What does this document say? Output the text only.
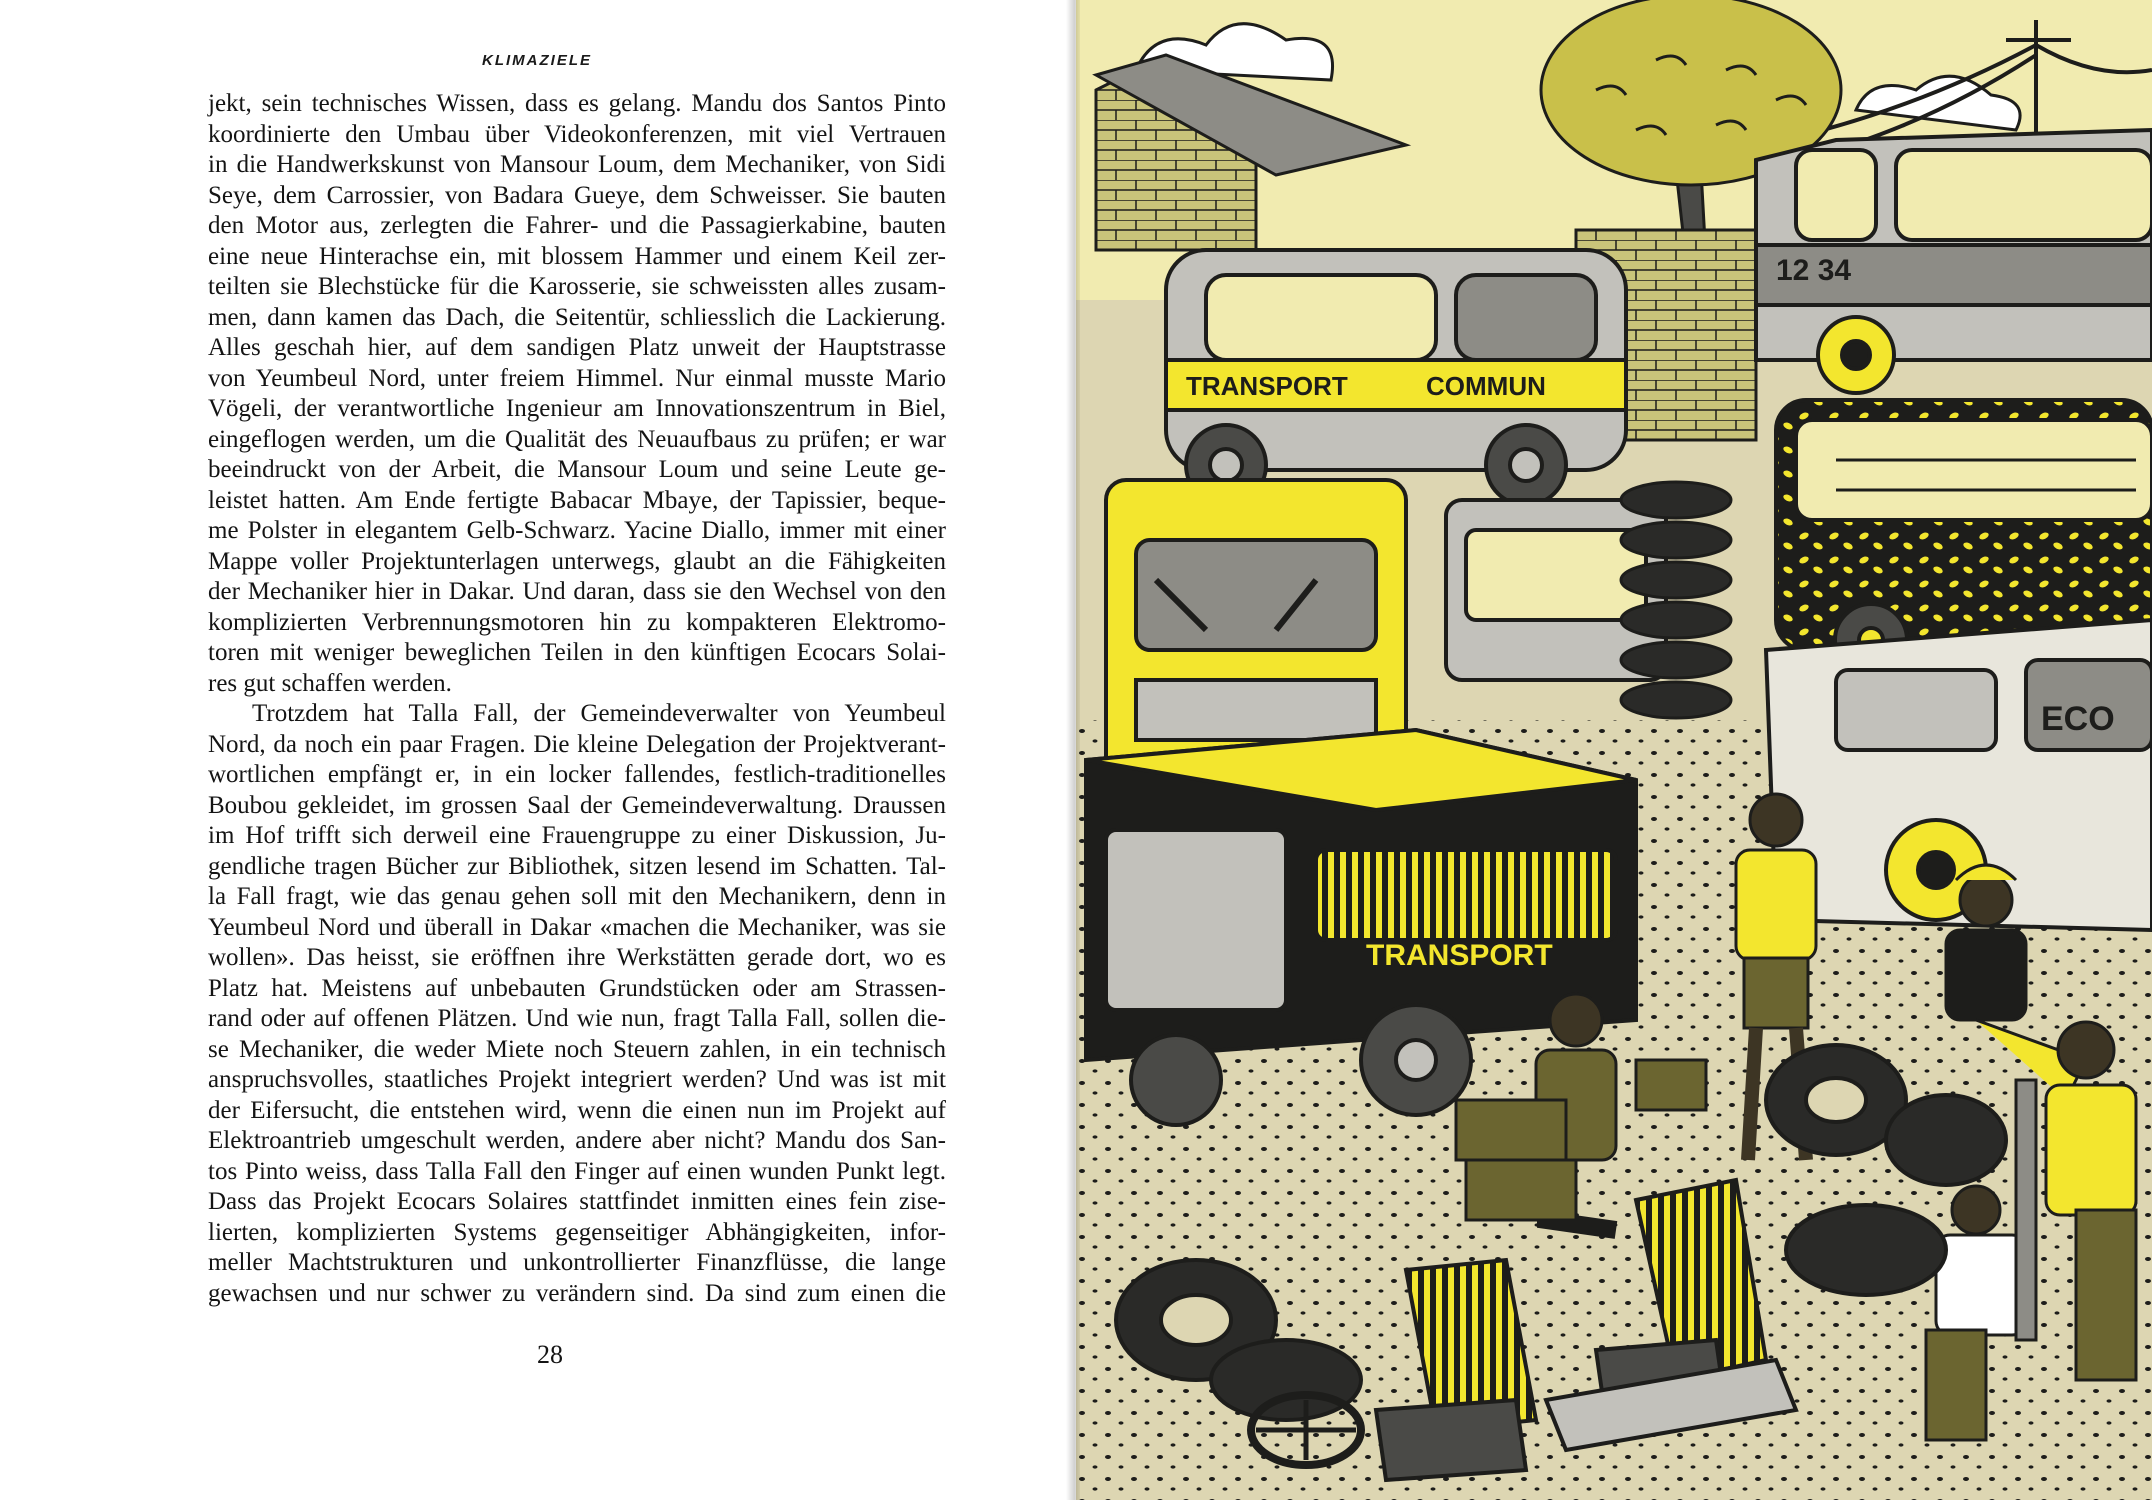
KLIMAZIELE

jekt, sein technisches Wissen, dass es gelang. Mandu dos Santos Pinto
koordinierte den Umbau über Videokonferenzen, mit viel Vertrauen
in die Handwerkskunst von Mansour Loum, dem Mechaniker, von Sidi
Seye, dem Carrossier, von Badara Gueye, dem Schweisser. Sie bauten
den Motor aus, zerlegten die Fahrer- und die Passagierkabine, bauten
eine neue Hinterachse ein, mit blossem Hammer und einem Keil zer-
teilten sie Blechstücke für die Karosserie, sie schweissten alles zusam-
men, dann kamen das Dach, die Seitentür, schliesslich die Lackierung.
Alles geschah hier, auf dem sandigen Platz unweit der Hauptstrasse
von Yeumbeul Nord, unter freiem Himmel. Nur einmal musste Mario
Vögeli, der verantwortliche Ingenieur am Innovationszentrum in Biel,
eingeflogen werden, um die Qualität des Neuaufbaus zu prüfen; er war
beeindruckt von der Arbeit, die Mansour Loum und seine Leute ge-
leistet hatten. Am Ende fertigte Babacar Mbaye, der Tapissier, beque-
me Polster in elegantem Gelb-Schwarz. Yacine Diallo, immer mit einer
Mappe voller Projektunterlagen unterwegs, glaubt an die Fähigkeiten
der Mechaniker hier in Dakar. Und daran, dass sie den Wechsel von den
komplizierten Verbrennungsmotoren hin zu kompakteren Elektromo-
toren mit weniger beweglichen Teilen in den künftigen Ecocars Solai-
res gut schaffen werden.

Trotzdem hat Talla Fall, der Gemeindeverwalter von Yeumbeul
Nord, da noch ein paar Fragen. Die kleine Delegation der Projektverant-
wortlichen empfängt er, in ein locker fallendes, festlich-traditionelles
Boubou gekleidet, im grossen Saal der Gemeindeverwaltung. Draussen
im Hof trifft sich derweil eine Frauengruppe zu einer Diskussion, Ju-
gendliche tragen Bücher zur Bibliothek, sitzen lesend im Schatten. Tal-
la Fall fragt, wie das genau gehen soll mit den Mechanikern, denn in
Yeumbeul Nord und überall in Dakar «machen die Mechaniker, was sie
wollen». Das heisst, sie eröffnen ihre Werkstätten gerade dort, wo es
Platz hat. Meistens auf unbebauten Grundstücken oder am Strassen-
rand oder auf offenen Plätzen. Und wie nun, fragt Talla Fall, sollen die-
se Mechaniker, die weder Miete noch Steuern zahlen, in ein technisch
anspruchsvolles, staatliches Projekt integriert werden? Und was ist mit
der Eifersucht, die entstehen wird, wenn die einen nun im Projekt auf
Elektroantrieb umgeschult werden, andere aber nicht? Mandu dos San-
tos Pinto weiss, dass Talla Fall den Finger auf einen wunden Punkt legt.
Dass das Projekt Ecocars Solaires stattfindet inmitten eines fein zise-
lierten, komplizierten Systems gegenseitiger Abhängigkeiten, infor-
meller Machtstrukturen und unkontrollierter Finanzflüsse, die lange
gewachsen und nur schwer zu verändern sind. Da sind zum einen die

28
TRANSPORT	COMMUN
12 34
TRANSPORT
ECO
